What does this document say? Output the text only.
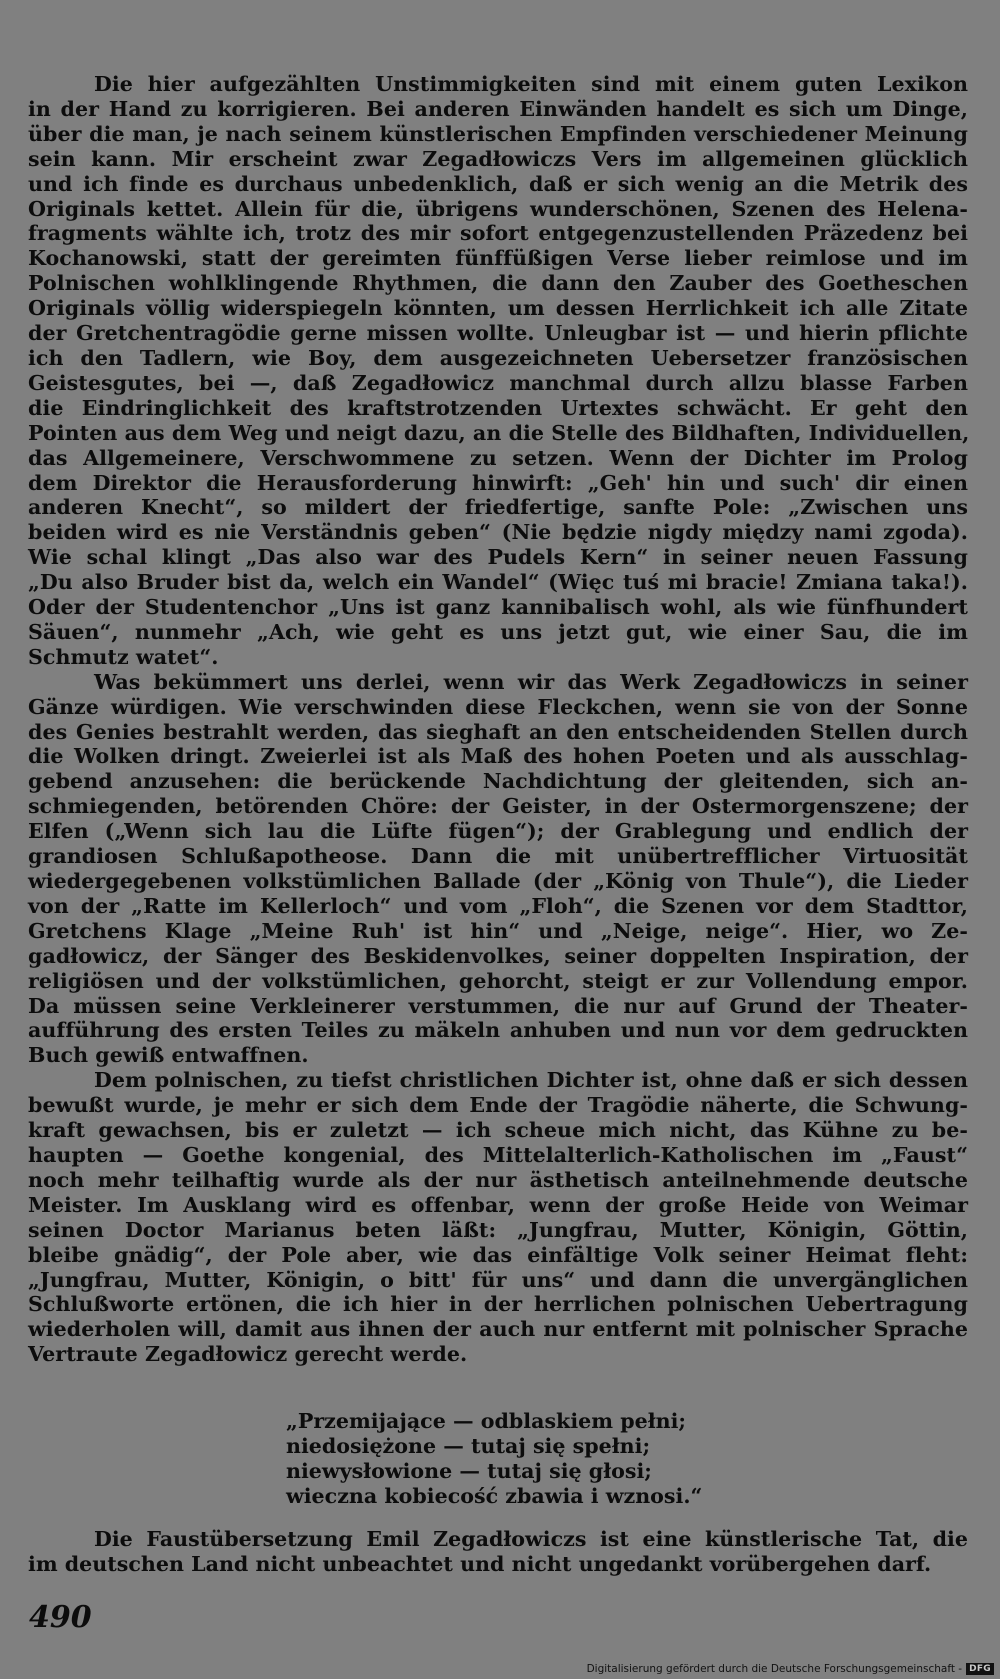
Die hier aufgezählten Unstimmigkeiten sind mit einem guten Lexikon
in der Hand zu korrigieren. Bei anderen Einwänden handelt es sich um Dinge,
über die man, je nach seinem künstlerischen Empfinden verschiedener Meinung
sein kann. Mir erscheint zwar Zegadłowiczs Vers im allgemeinen glücklich
und ich finde es durchaus unbedenklich, daß er sich wenig an die Metrik des
Originals kettet. Allein für die, übrigens wunderschönen, Szenen des Helena-
fragments wählte ich, trotz des mir sofort entgegenzustellenden Präzedenz bei
Kochanowski, statt der gereimten fünffüßigen Verse lieber reimlose und im
Polnischen wohlklingende Rhythmen, die dann den Zauber des Goetheschen
Originals völlig widerspiegeln könnten, um dessen Herrlichkeit ich alle Zitate
der Gretchentragödie gerne missen wollte. Unleugbar ist — und hierin pflichte
ich den Tadlern, wie Boy, dem ausgezeichneten Uebersetzer französischen
Geistesgutes, bei —, daß Zegadłowicz manchmal durch allzu blasse Farben
die Eindringlichkeit des kraftstrotzenden Urtextes schwächt. Er geht den
Pointen aus dem Weg und neigt dazu, an die Stelle des Bildhaften, Individuellen,
das Allgemeinere, Verschwommene zu setzen. Wenn der Dichter im Prolog
dem Direktor die Herausforderung hinwirft: „Geh' hin und such' dir einen
anderen Knecht“, so mildert der friedfertige, sanfte Pole: „Zwischen uns
beiden wird es nie Verständnis geben“ (Nie będzie nigdy między nami zgoda).
Wie schal klingt „Das also war des Pudels Kern“ in seiner neuen Fassung
„Du also Bruder bist da, welch ein Wandel“ (Więc tuś mi bracie! Zmiana taka!).
Oder der Studentenchor „Uns ist ganz kannibalisch wohl, als wie fünfhundert
Säuen“, nunmehr „Ach, wie geht es uns jetzt gut, wie einer Sau, die im
Schmutz watet“.
Was bekümmert uns derlei, wenn wir das Werk Zegadłowiczs in seiner
Gänze würdigen. Wie verschwinden diese Fleckchen, wenn sie von der Sonne
des Genies bestrahlt werden, das sieghaft an den entscheidenden Stellen durch
die Wolken dringt. Zweierlei ist als Maß des hohen Poeten und als ausschlag-
gebend anzusehen: die berückende Nachdichtung der gleitenden, sich an-
schmiegenden, betörenden Chöre: der Geister, in der Ostermorgenszene; der
Elfen („Wenn sich lau die Lüfte fügen“); der Grablegung und endlich der
grandiosen Schlußapotheose. Dann die mit unübertrefflicher Virtuosität
wiedergegebenen volkstümlichen Ballade (der „König von Thule“), die Lieder
von der „Ratte im Kellerloch“ und vom „Floh“, die Szenen vor dem Stadttor,
Gretchens Klage „Meine Ruh' ist hin“ und „Neige, neige“. Hier, wo Ze-
gadłowicz, der Sänger des Beskidenvolkes, seiner doppelten Inspiration, der
religiösen und der volkstümlichen, gehorcht, steigt er zur Vollendung empor.
Da müssen seine Verkleinerer verstummen, die nur auf Grund der Theater-
aufführung des ersten Teiles zu mäkeln anhuben und nun vor dem gedruckten
Buch gewiß entwaffnen.
Dem polnischen, zu tiefst christlichen Dichter ist, ohne daß er sich dessen
bewußt wurde, je mehr er sich dem Ende der Tragödie näherte, die Schwung-
kraft gewachsen, bis er zuletzt — ich scheue mich nicht, das Kühne zu be-
haupten — Goethe kongenial, des Mittelalterlich-Katholischen im „Faust“
noch mehr teilhaftig wurde als der nur ästhetisch anteilnehmende deutsche
Meister. Im Ausklang wird es offenbar, wenn der große Heide von Weimar
seinen Doctor Marianus beten läßt: „Jungfrau, Mutter, Königin, Göttin,
bleibe gnädig“, der Pole aber, wie das einfältige Volk seiner Heimat fleht:
„Jungfrau, Mutter, Königin, o bitt' für uns“ und dann die unvergänglichen
Schlußworte ertönen, die ich hier in der herrlichen polnischen Uebertragung
wiederholen will, damit aus ihnen der auch nur entfernt mit polnischer Sprache
Vertraute Zegadłowicz gerecht werde.
„Przemijające — odblaskiem pełni;
niedosiężone — tutaj się spełni;
niewysłowione — tutaj się głosi;
wieczna kobiecość zbawia i wznosi.“
Die Faustübersetzung Emil Zegadłowiczs ist eine künstlerische Tat, die
im deutschen Land nicht unbeachtet und nicht ungedankt vorübergehen darf.
490
Digitalisierung gefördert durch die Deutsche Forschungsgemeinschaft - DFG
